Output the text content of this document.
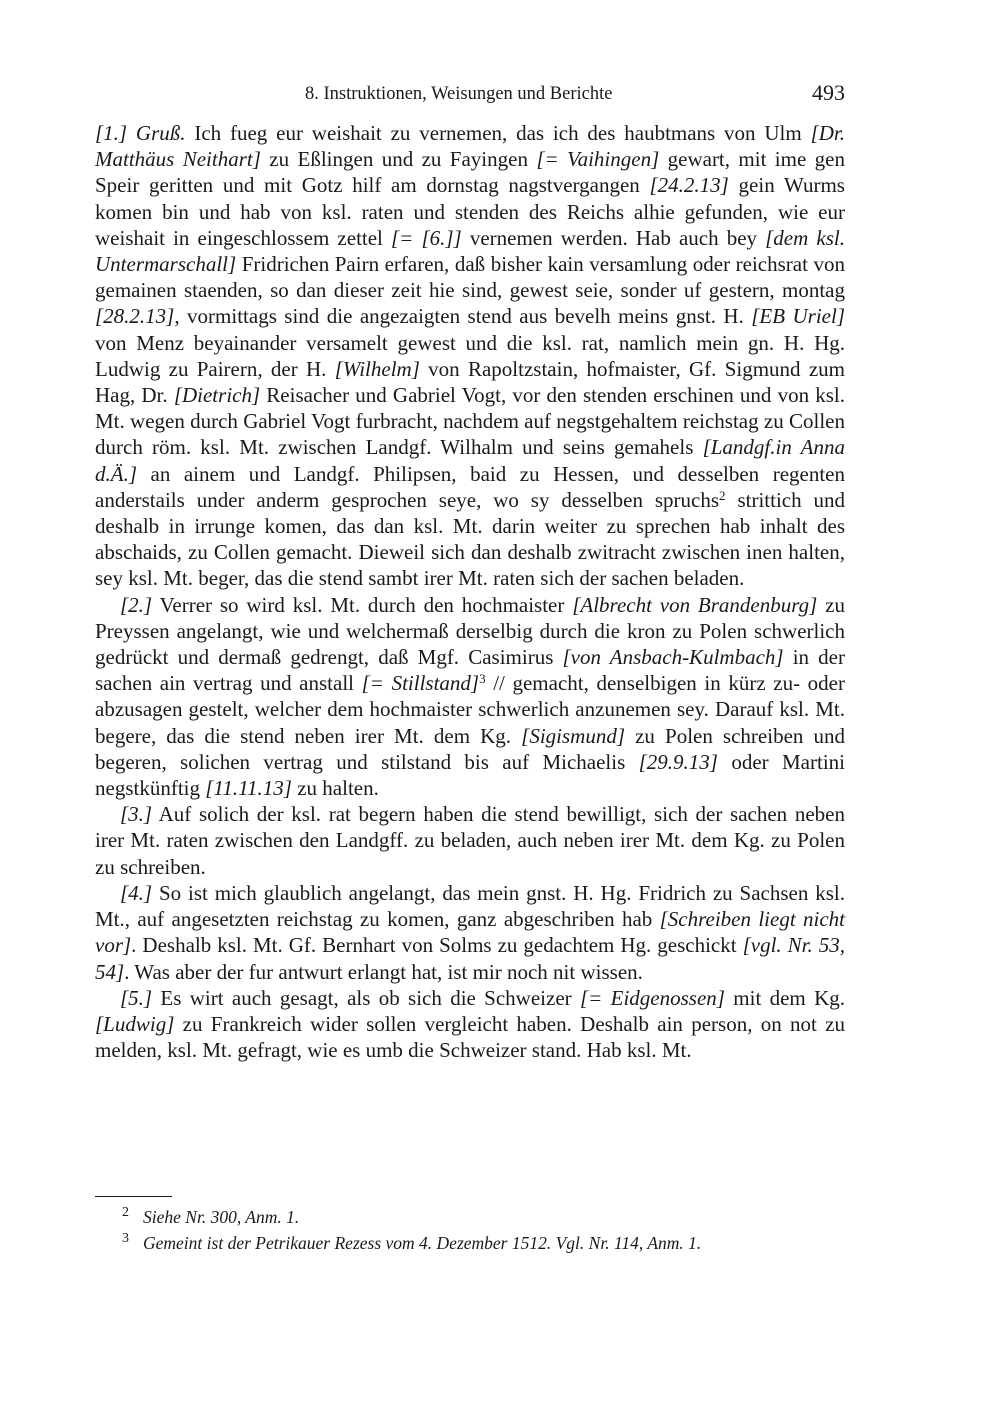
8. Instruktionen, Weisungen und Berichte	493

[1.] Gruß. Ich fueg eur weishait zu vernemen, das ich des haubtmans von Ulm [Dr. Matthäus Neithart] zu Eßlingen und zu Fayingen [= Vaihingen] gewart, mit ime gen Speir geritten und mit Gotz hilf am dornstag nagstvergangen [24.2.13] gein Wurms komen bin und hab von ksl. raten und stenden des Reichs alhie gefunden, wie eur weishait in eingeschlossem zettel [= [6.]] vernemen werden. Hab auch bey [dem ksl. Untermarschall] Fridrichen Pairn erfaren, daß bisher kain versamlung oder reichsrat von gemainen staenden, so dan dieser zeit hie sind, gewest seie, sonder uf gestern, montag [28.2.13], vormittags sind die angezaigten stend aus bevelh meins gnst. H. [EB Uriel] von Menz beyainander versamelt gewest und die ksl. rat, namlich mein gn. H. Hg. Ludwig zu Pairern, der H. [Wilhelm] von Rapoltzstain, hofmaister, Gf. Sigmund zum Hag, Dr. [Dietrich] Reisacher und Gabriel Vogt, vor den stenden erschinen und von ksl. Mt. wegen durch Gabriel Vogt furbracht, nachdem auf negstgehaltem reichstag zu Collen durch röm. ksl. Mt. zwischen Landgf. Wilhalm und seins gemahels [Landgf.in Anna d.Ä.] an ainem und Landgf. Philipsen, baid zu Hessen, und desselben regenten anderstails under anderm gesprochen seye, wo sy desselben spruchs$^2$ strittich und deshalb in irrunge komen, das dan ksl. Mt. darin weiter zu sprechen hab inhalt des abschaids, zu Collen gemacht. Dieweil sich dan deshalb zwitracht zwischen inen halten, sey ksl. Mt. beger, das die stend sambt irer Mt. raten sich der sachen beladen.

[2.] Verrer so wird ksl. Mt. durch den hochmaister [Albrecht von Brandenburg] zu Preyssen angelangt, wie und welchermaß derselbig durch die kron zu Polen schwerlich gedrückt und dermaß gedrengt, daß Mgf. Casimirus [von Ansbach-Kulmbach] in der sachen ain vertrag und anstall [= Stillstand]$^3$ // gemacht, denselbigen in kürz zu- oder abzusagen gestelt, welcher dem hochmaister schwerlich anzunemen sey. Darauf ksl. Mt. begere, das die stend neben irer Mt. dem Kg. [Sigismund] zu Polen schreiben und begeren, solichen vertrag und stilstand bis auf Michaelis [29.9.13] oder Martini negstkünftig [11.11.13] zu halten.

[3.] Auf solich der ksl. rat begern haben die stend bewilligt, sich der sachen neben irer Mt. raten zwischen den Landgff. zu beladen, auch neben irer Mt. dem Kg. zu Polen zu schreiben.

[4.] So ist mich glaublich angelangt, das mein gnst. H. Hg. Fridrich zu Sachsen ksl. Mt., auf angesetzten reichstag zu komen, ganz abgeschriben hab [Schreiben liegt nicht vor]. Deshalb ksl. Mt. Gf. Bernhart von Solms zu gedachtem Hg. geschickt [vgl. Nr. 53, 54]. Was aber der fur antwurt erlangt hat, ist mir noch nit wissen.

[5.] Es wirt auch gesagt, als ob sich die Schweizer [= Eidgenossen] mit dem Kg. [Ludwig] zu Frankreich wider sollen vergleicht haben. Deshalb ain person, on not zu melden, ksl. Mt. gefragt, wie es umb die Schweizer stand. Hab ksl. Mt.

2 Siehe Nr. 300, Anm. 1.
3 Gemeint ist der Petrikauer Rezess vom 4. Dezember 1512. Vgl. Nr. 114, Anm. 1.
